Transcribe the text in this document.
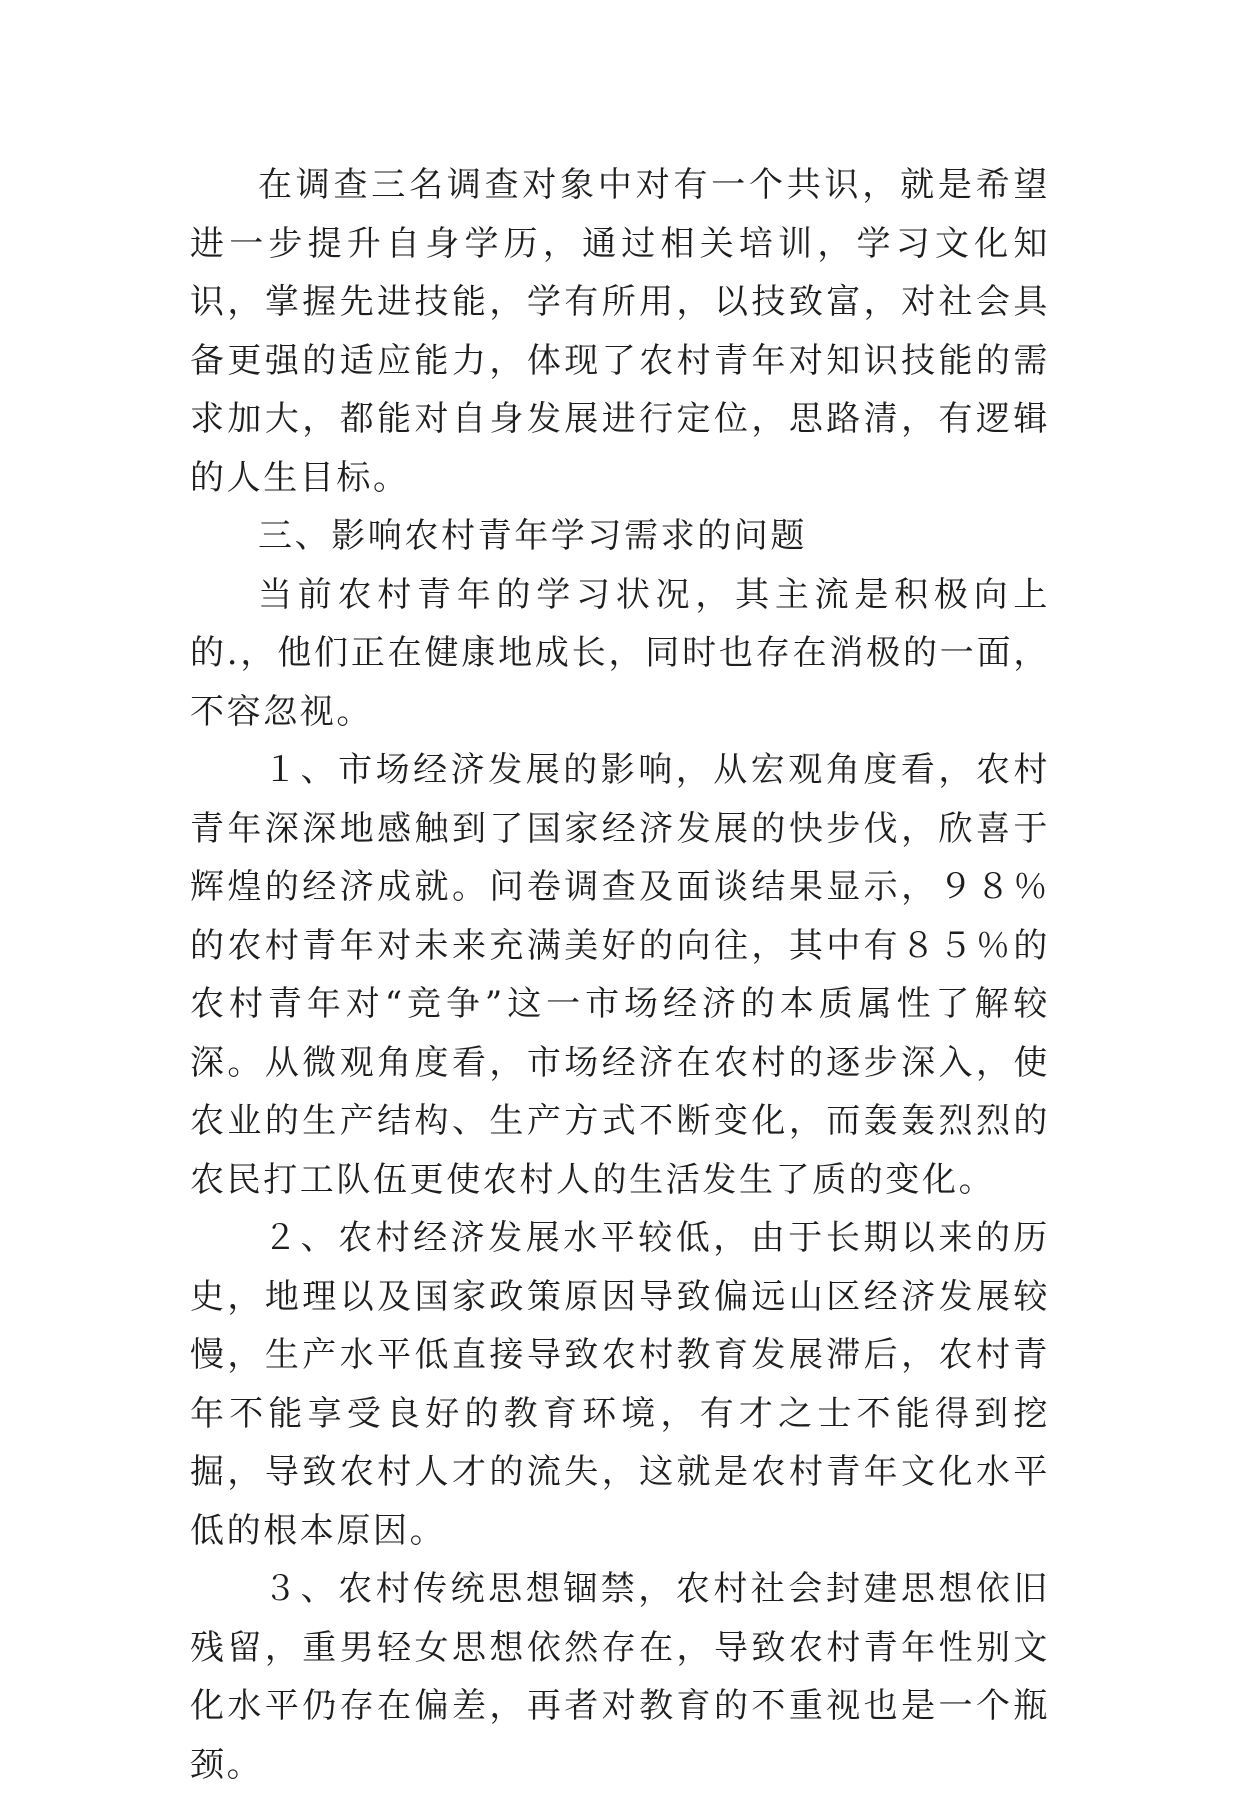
在调查三名调查对象中对有一个共识，就是希望进一步提升自身学历，通过相关培训，学习文化知识，掌握先进技能，学有所用，以技致富，对社会具备更强的适应能力，体现了农村青年对知识技能的需求加大，都能对自身发展进行定位，思路清，有逻辑的人生目标。

三、影响农村青年学习需求的问题

当前农村青年的学习状况，其主流是积极向上的.，他们正在健康地成长，同时也存在消极的一面，不容忽视。

１、市场经济发展的影响，从宏观角度看，农村青年深深地感触到了国家经济发展的快步伐，欣喜于辉煌的经济成就。问卷调查及面谈结果显示，９８％的农村青年对未来充满美好的向往，其中有８５％的农村青年对“竞争”这一市场经济的本质属性了解较深。从微观角度看，市场经济在农村的逐步深入，使农业的生产结构、生产方式不断变化，而轰轰烈烈的农民打工队伍更使农村人的生活发生了质的变化。

２、农村经济发展水平较低，由于长期以来的历史，地理以及国家政策原因导致偏远山区经济发展较慢，生产水平低直接导致农村教育发展滞后，农村青年不能享受良好的教育环境，有才之士不能得到挖掘，导致农村人才的流失，这就是农村青年文化水平低的根本原因。

３、农村传统思想锢禁，农村社会封建思想依旧残留，重男轻女思想依然存在，导致农村青年性别文化水平仍存在偏差，再者对教育的不重视也是一个瓶颈。
